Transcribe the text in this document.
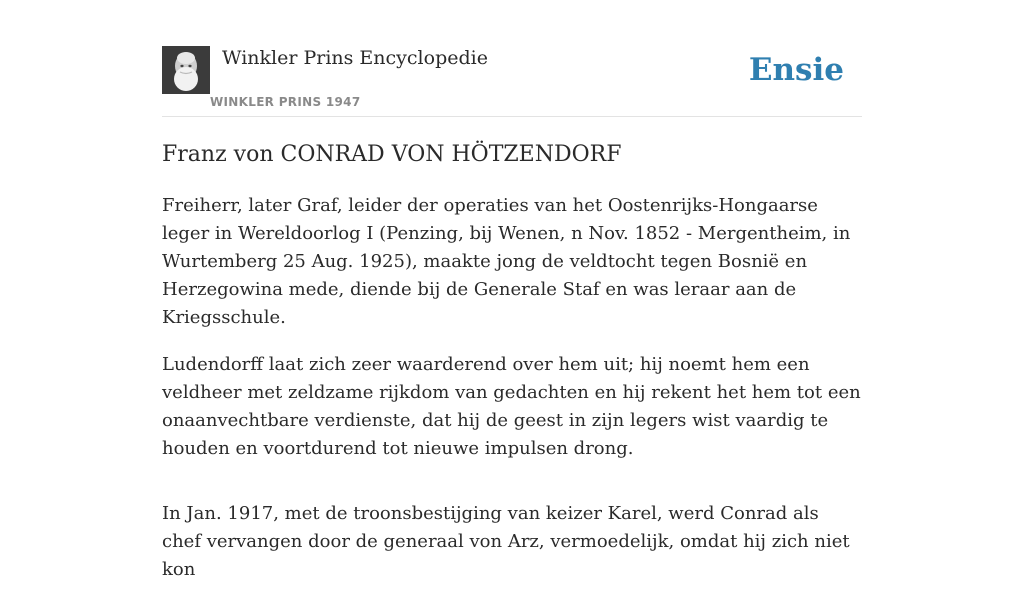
Winkler Prins Encyclopedie
WINKLER PRINS 1947
Ensie
Franz von CONRAD VON HÖTZENDORF

Freiherr, later Graf, leider der operaties van het Oostenrijks-Hongaarse leger in Wereldoorlog I (Penzing, bij Wenen, n Nov. 1852 - Mergentheim, in Wurtemberg 25 Aug. 1925), maakte jong de veldtocht tegen Bosnië en Herzegowina mede, diende bij de Generale Staf en was leraar aan de Kriegsschule.

Ludendorff laat zich zeer waarderend over hem uit; hij noemt hem een veldheer met zeldzame rijkdom van gedachten en hij rekent het hem tot een onaanvechtbare verdienste, dat hij de geest in zijn legers wist vaardig te houden en voortdurend tot nieuwe impulsen drong.

In Jan. 1917, met de troonsbestijging van keizer Karel, werd Conrad als chef vervangen door de generaal von Arz, vermoedelijk, omdat hij zich niet kon
